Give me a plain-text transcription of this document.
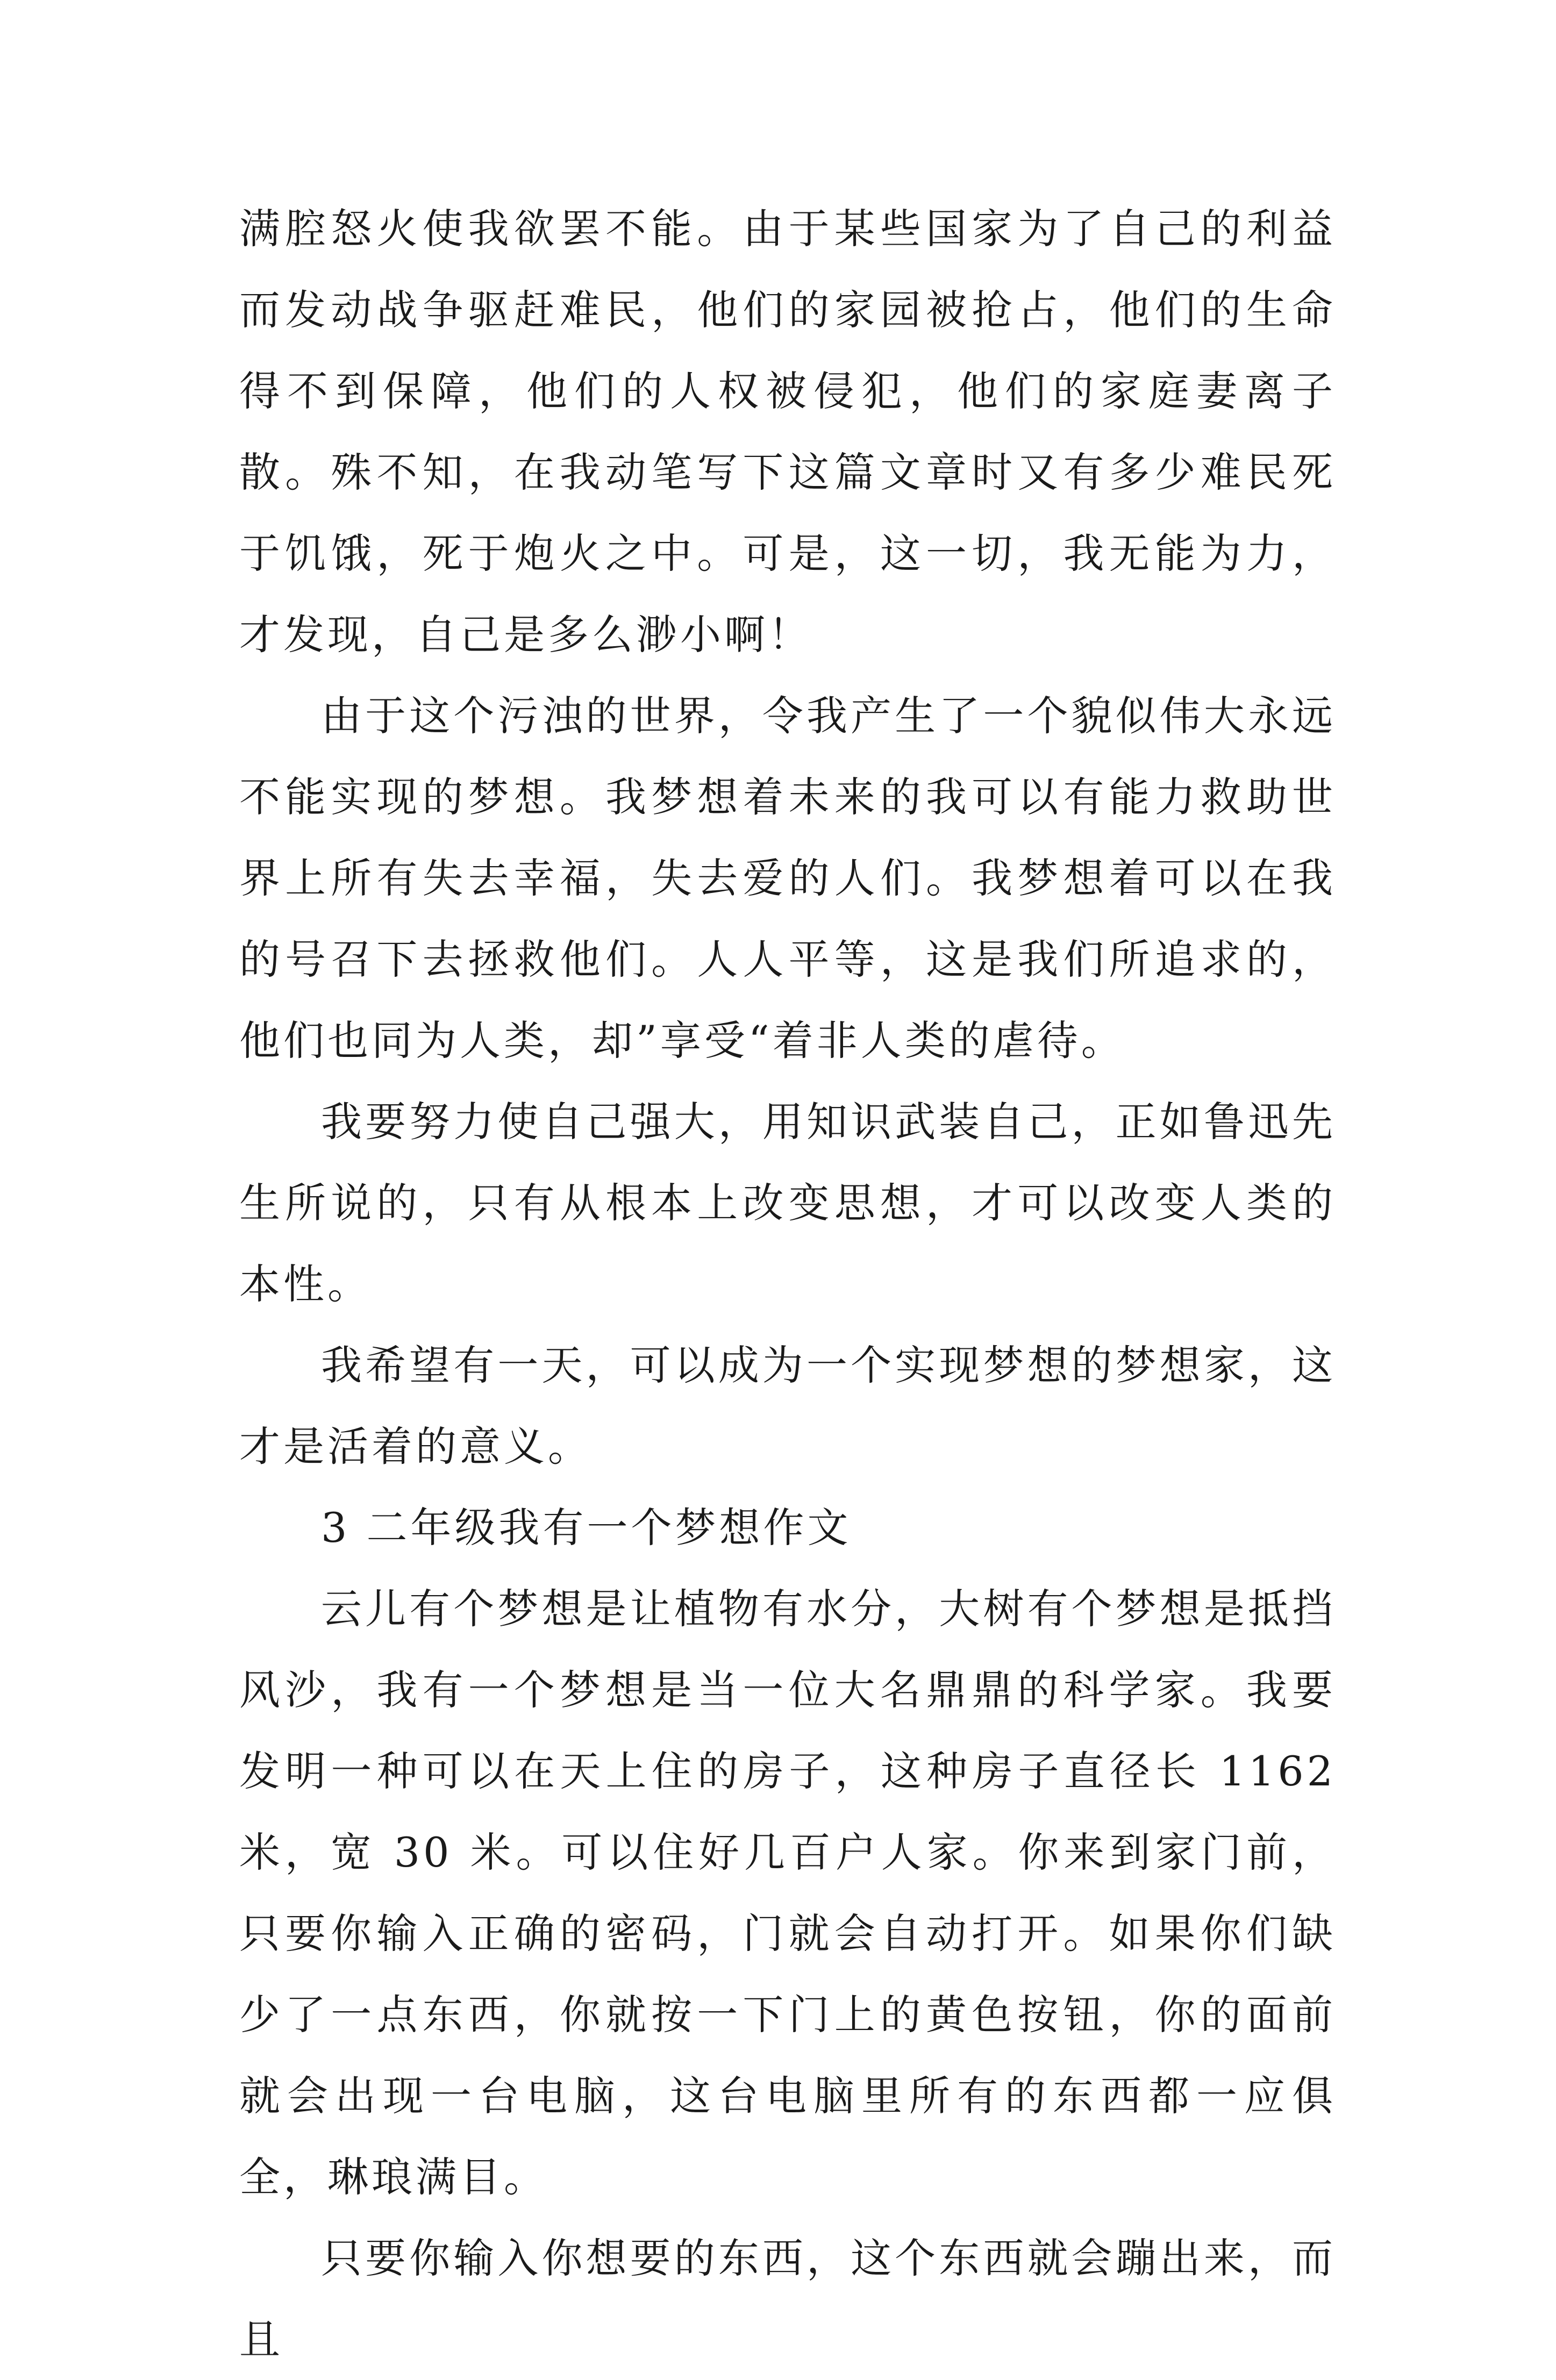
满腔怒火使我欲罢不能。由于某些国家为了自己的利益而发动战争驱赶难民，他们的家园被抢占，他们的生命得不到保障，他们的人权被侵犯，他们的家庭妻离子散。殊不知，在我动笔写下这篇文章时又有多少难民死于饥饿，死于炮火之中。可是，这一切，我无能为力，才发现，自己是多么渺小啊！

由于这个污浊的世界，令我产生了一个貌似伟大永远不能实现的梦想。我梦想着未来的我可以有能力救助世界上所有失去幸福，失去爱的人们。我梦想着可以在我的号召下去拯救他们。人人平等，这是我们所追求的，他们也同为人类，却”享受“着非人类的虐待。

我要努力使自己强大，用知识武装自己，正如鲁迅先生所说的，只有从根本上改变思想，才可以改变人类的本性。

我希望有一天，可以成为一个实现梦想的梦想家，这才是活着的意义。

3 二年级我有一个梦想作文

云儿有个梦想是让植物有水分，大树有个梦想是抵挡风沙，我有一个梦想是当一位大名鼎鼎的科学家。我要发明一种可以在天上住的房子，这种房子直径长 1162 米，宽 30 米。可以住好几百户人家。你来到家门前，只要你输入正确的密码，门就会自动打开。如果你们缺少了一点东西，你就按一下门上的黄色按钮，你的面前就会出现一台电脑，这台电脑里所有的东西都一应俱全，琳琅满目。

只要你输入你想要的东西，这个东西就会蹦出来，而且
